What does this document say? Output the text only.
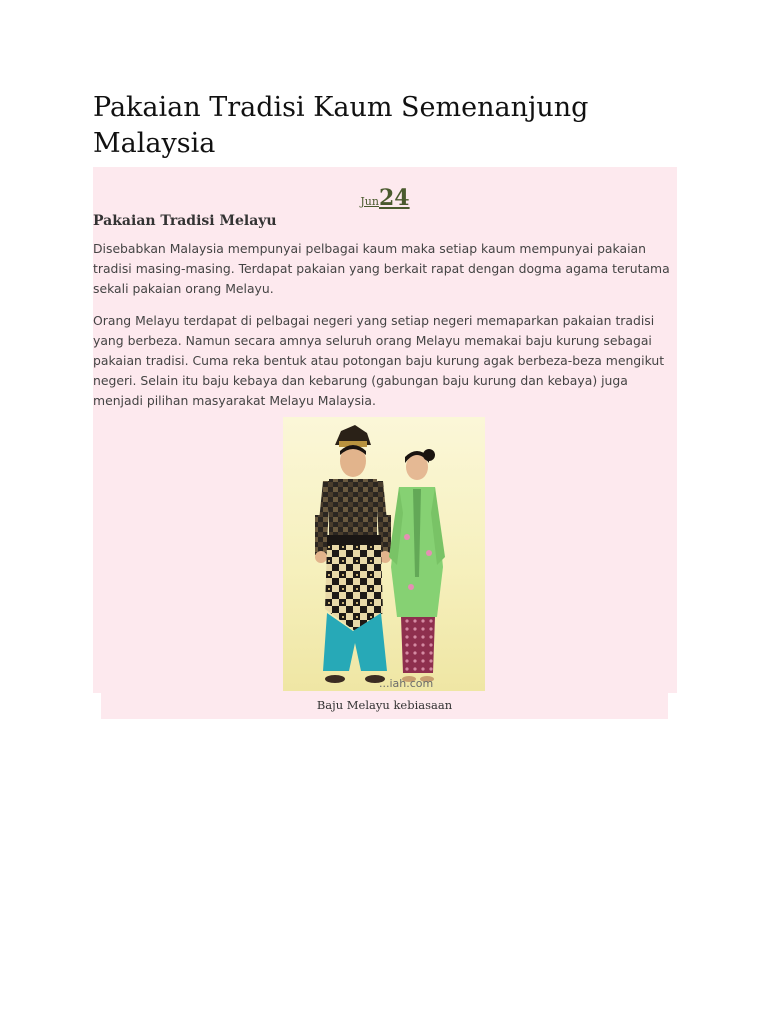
Pakaian Tradisi Kaum Semenanjung Malaysia
Jun24
Pakaian Tradisi Melayu

Disebabkan Malaysia mempunyai pelbagai kaum maka setiap kaum mempunyai pakaian tradisi masing-masing. Terdapat pakaian yang berkait rapat dengan dogma agama terutama sekali pakaian orang Melayu.

Orang Melayu terdapat di pelbagai negeri yang setiap negeri memaparkan pakaian tradisi yang berbeza. Namun secara amnya seluruh orang Melayu memakai baju kurung sebagai pakaian tradisi. Cuma reka bentuk atau potongan baju kurung agak berbeza-beza mengikut negeri. Selain itu baju kebaya dan kebarung (gabungan baju kurung dan kebaya) juga menjadi pilihan masyarakat Melayu Malaysia.

...iah.com
Baju Melayu kebiasaan
